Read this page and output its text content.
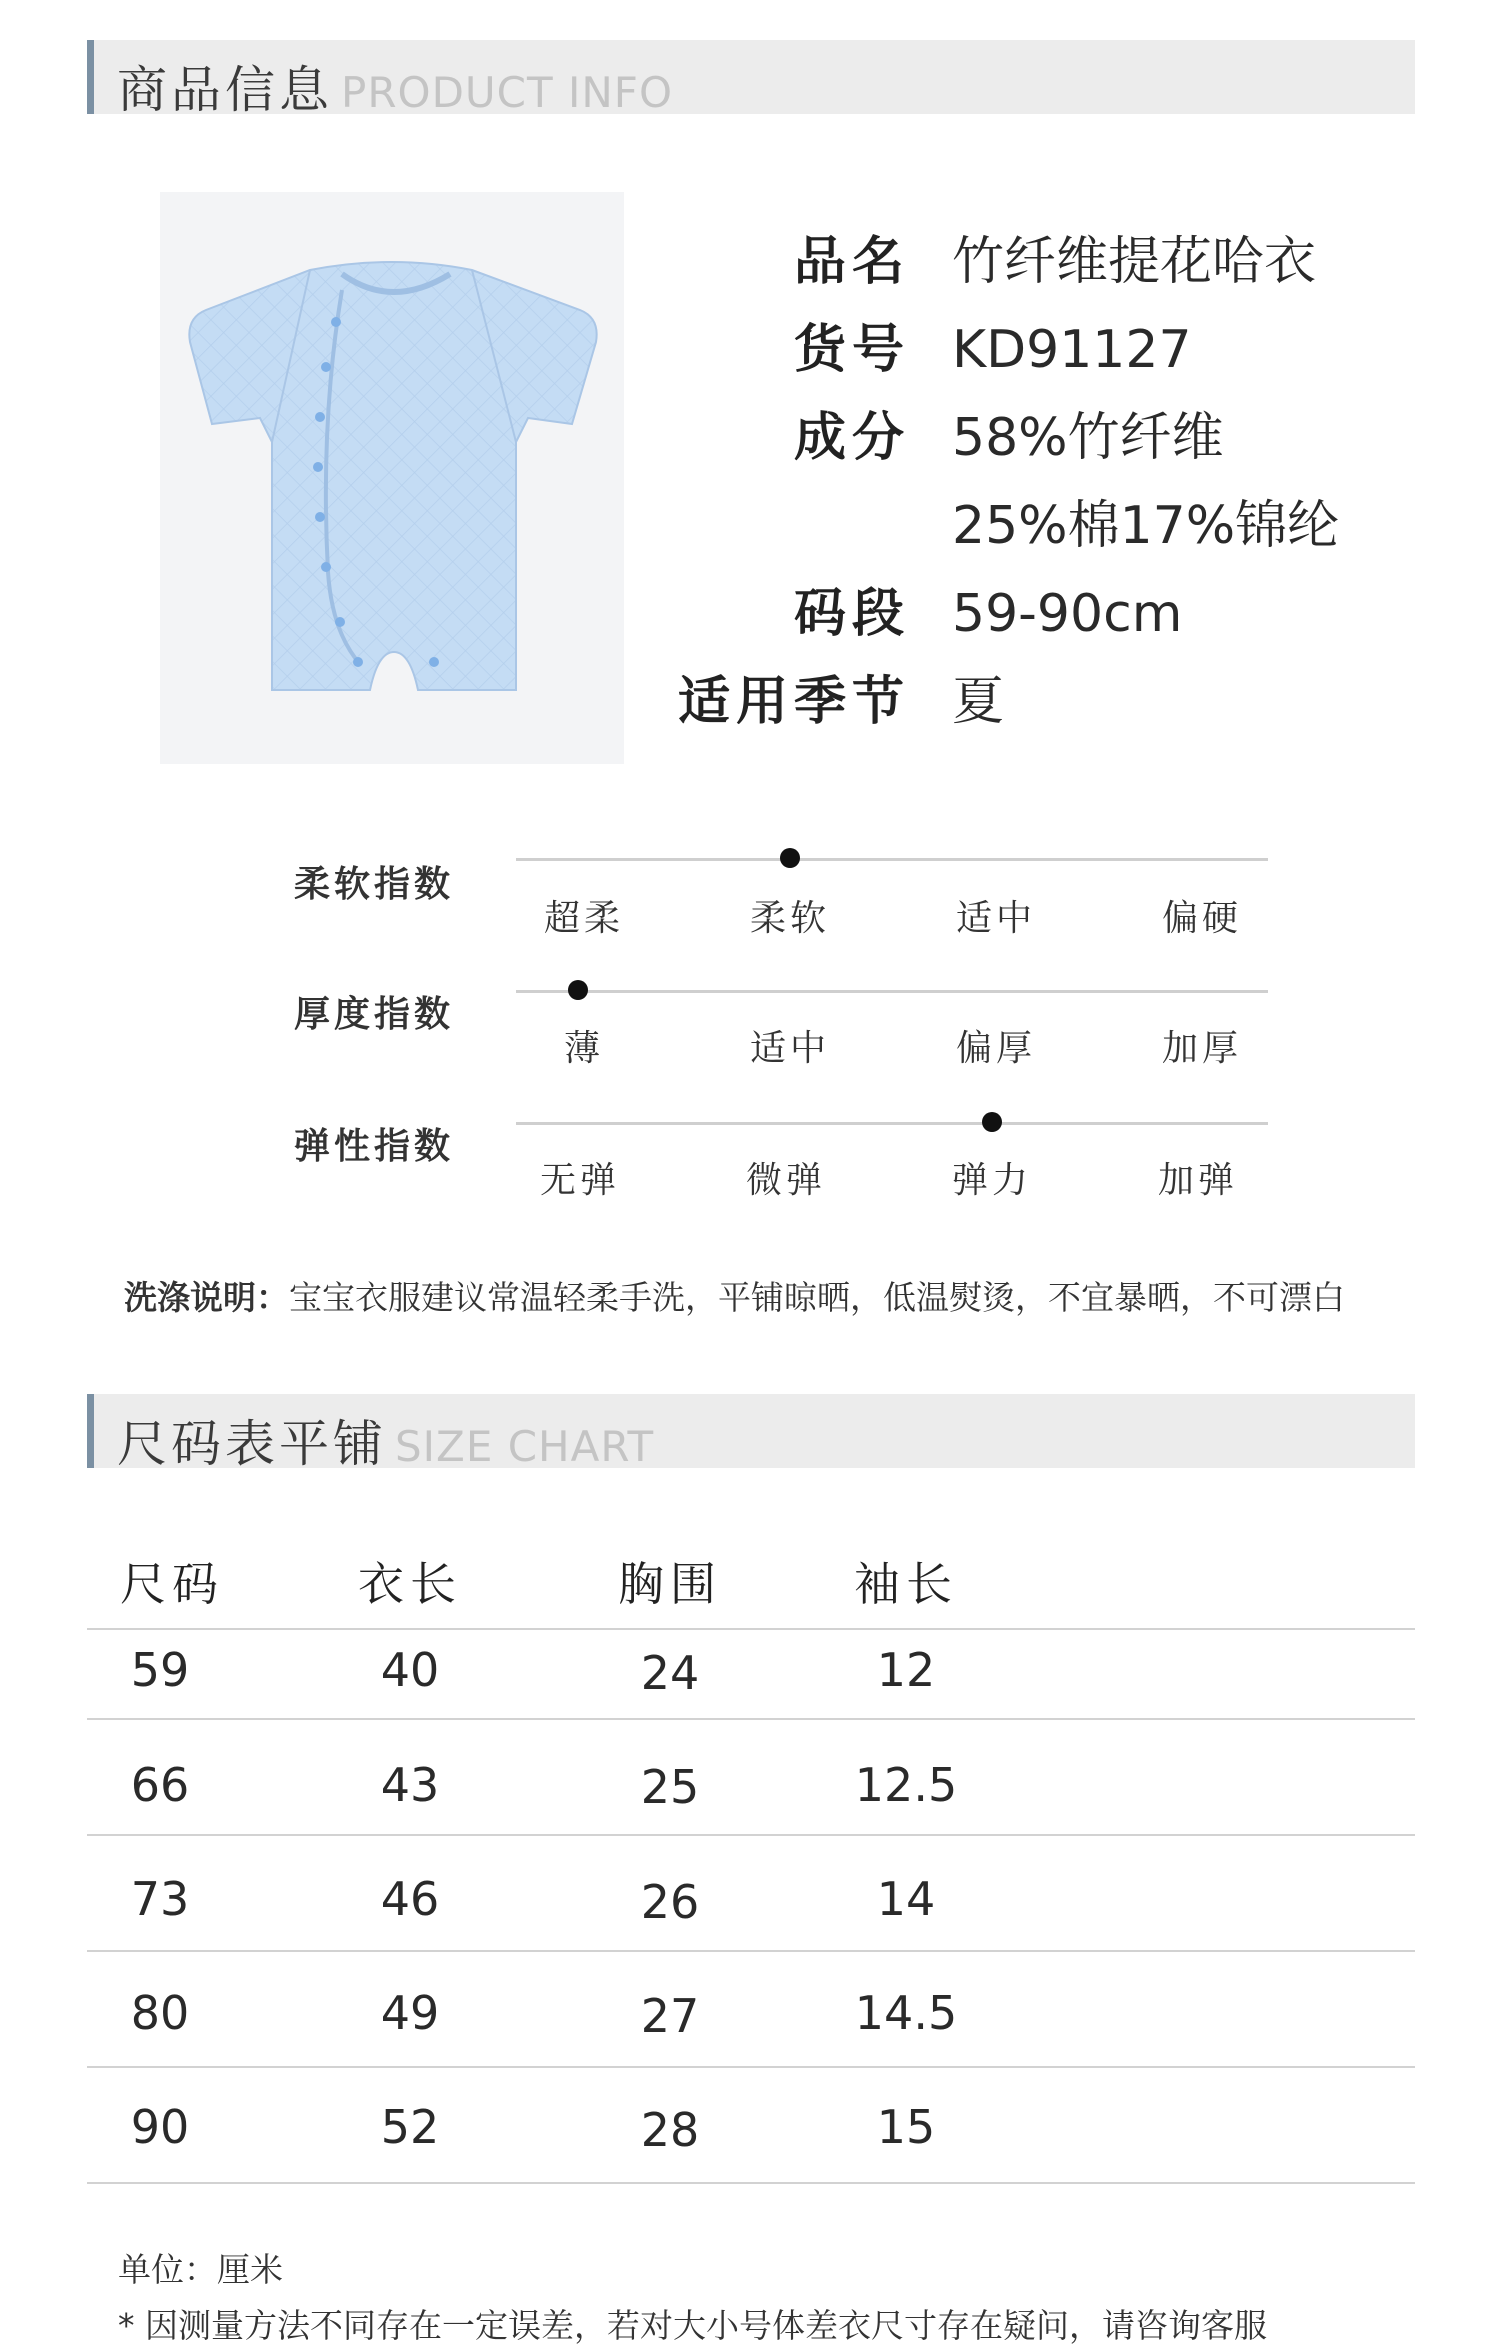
商品信息 PRODUCT INFO
品名 竹纤维提花哈衣
货号 KD91127
成分 58%竹纤维
25%棉17%锦纶
码段 59-90cm
适用季节 夏
柔软指数
超柔	柔软	适中	偏硬
厚度指数
薄	适中	偏厚	加厚
弹性指数
无弹	微弹	弹力	加弹
洗涤说明：宝宝衣服建议常温轻柔手洗，平铺晾晒，低温熨烫，不宜暴晒，不可漂白
尺码表平铺 SIZE CHART
尺码	衣长	胸围	袖长
59	40	24	12
66	43	25	12.5
73	46	26	14
80	49	27	14.5
90	52	28	15
单位：厘米
* 因测量方法不同存在一定误差，若对大小号体差衣尺寸存在疑问，请咨询客服
